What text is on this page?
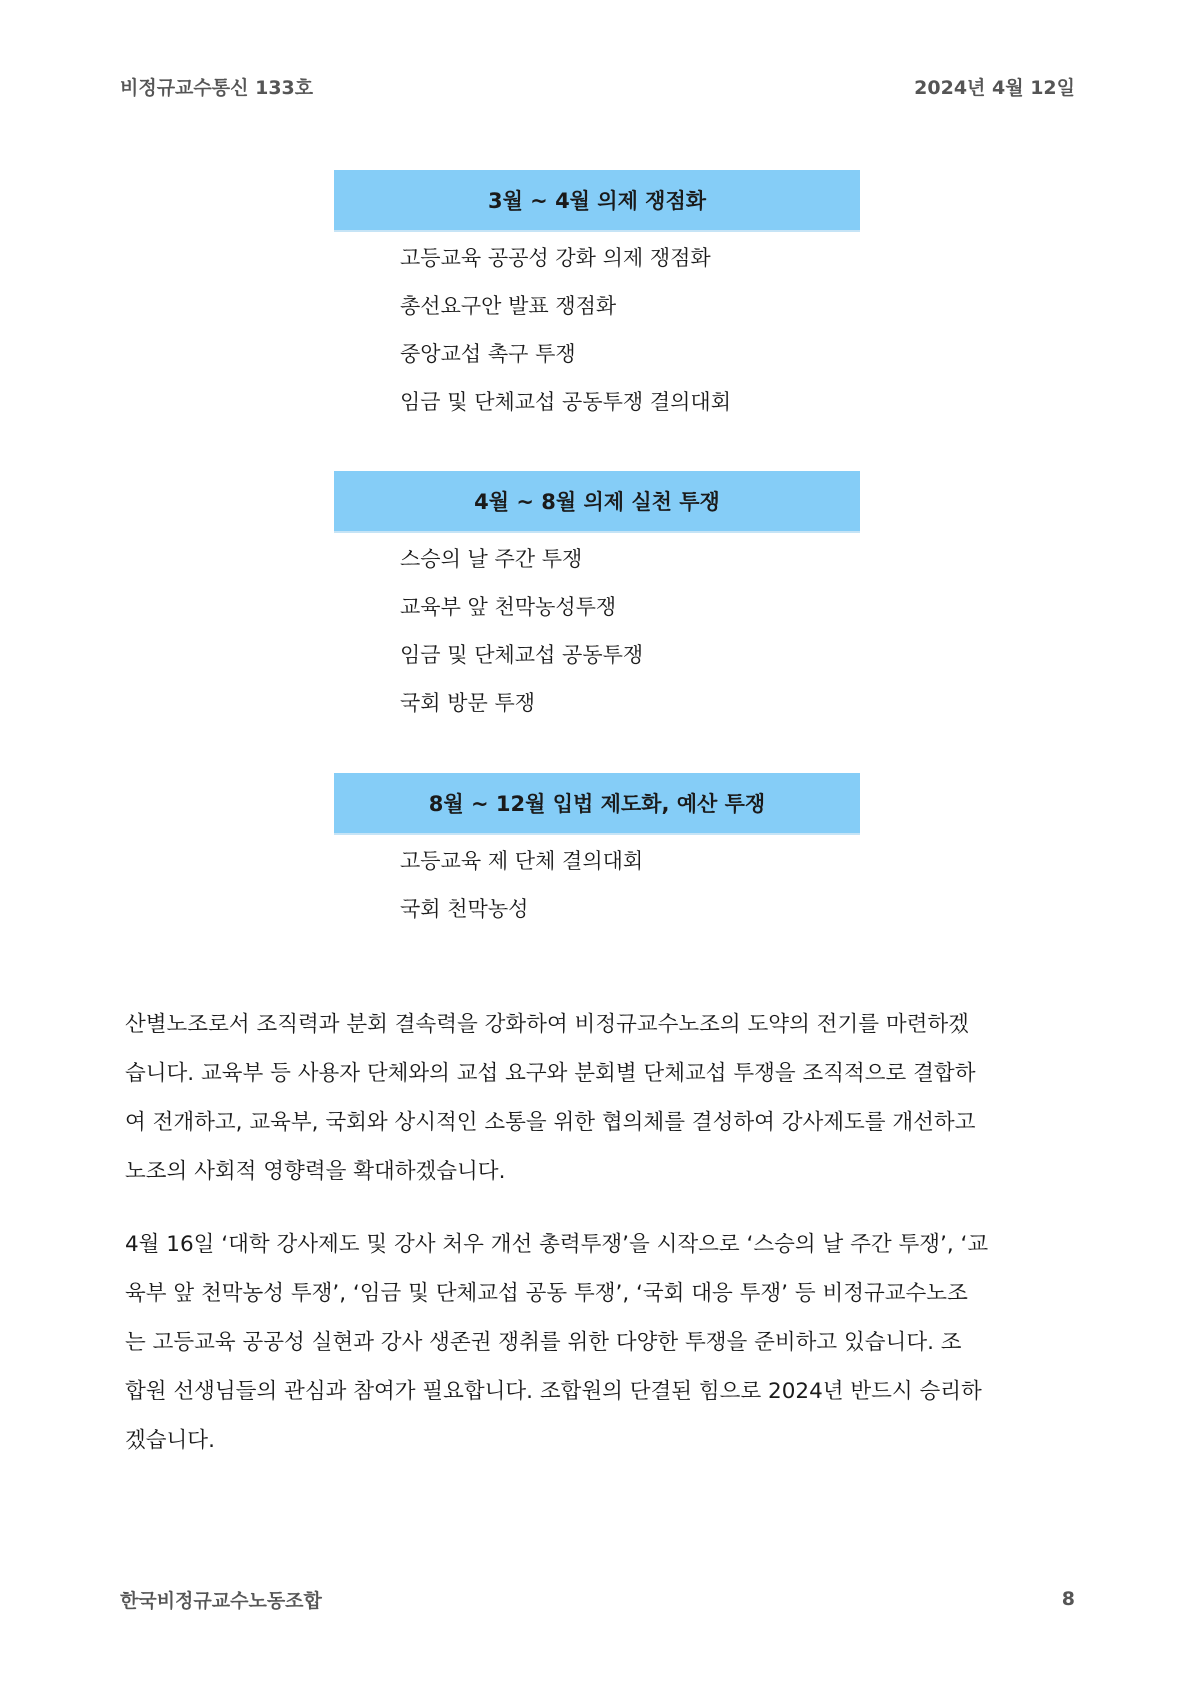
비정규교수통신 133호	2024년 4월 12일
3월 ~ 4월 의제 쟁점화
고등교육 공공성 강화 의제 쟁점화
총선요구안 발표 쟁점화
중앙교섭 촉구 투쟁
임금 및 단체교섭 공동투쟁 결의대회
4월 ~ 8월 의제 실천 투쟁
스승의 날 주간 투쟁
교육부 앞 천막농성투쟁
임금 및 단체교섭 공동투쟁
국회 방문 투쟁
8월 ~ 12월 입법 제도화, 예산 투쟁
고등교육 제 단체 결의대회
국회 천막농성
산별노조로서 조직력과 분회 결속력을 강화하여 비정규교수노조의 도약의 전기를 마련하겠
습니다. 교육부 등 사용자 단체와의 교섭 요구와 분회별 단체교섭 투쟁을 조직적으로 결합하
여 전개하고, 교육부, 국회와 상시적인 소통을 위한 협의체를 결성하여 강사제도를 개선하고
노조의 사회적 영향력을 확대하겠습니다.
4월 16일 ‘대학 강사제도 및 강사 처우 개선 총력투쟁’을 시작으로 ‘스승의 날 주간 투쟁’, ‘교
육부 앞 천막농성 투쟁’, ‘임금 및 단체교섭 공동 투쟁’, ‘국회 대응 투쟁’ 등 비정규교수노조
는 고등교육 공공성 실현과 강사 생존권 쟁취를 위한 다양한 투쟁을 준비하고 있습니다. 조
합원 선생님들의 관심과 참여가 필요합니다. 조합원의 단결된 힘으로 2024년 반드시 승리하
겠습니다.
한국비정규교수노동조합	8
